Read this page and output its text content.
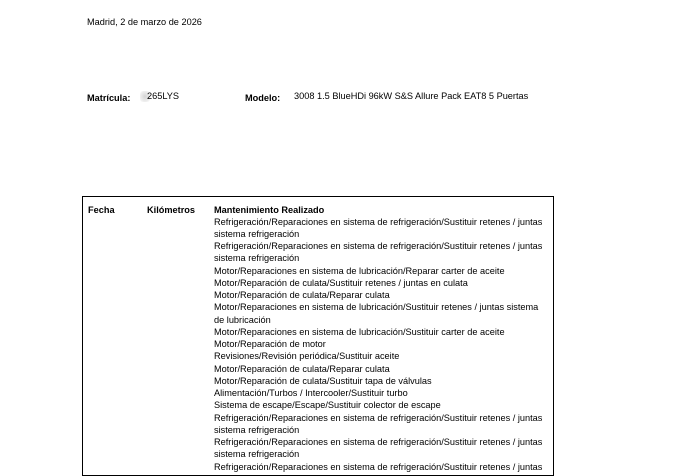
Madrid, 2 de marzo de 2026
Matrícula: 265LYS	Modelo: 3008 1.5 BlueHDi 96kW S&S Allure Pack EAT8 5 Puertas
Fecha	Kilómetros Mantenimiento Realizado
Refrigeración/Reparaciones en sistema de refrigeración/Sustituir retenes / juntas
sistema refrigeración
Refrigeración/Reparaciones en sistema de refrigeración/Sustituir retenes / juntas
sistema refrigeración
Motor/Reparaciones en sistema de lubricación/Reparar carter de aceite
Motor/Reparación de culata/Sustituir retenes / juntas en culata
Motor/Reparación de culata/Reparar culata
Motor/Reparaciones en sistema de lubricación/Sustituir retenes / juntas sistema
de lubricación
Motor/Reparaciones en sistema de lubricación/Sustituir carter de aceite
Motor/Reparación de motor
Revisiones/Revisión periódica/Sustituir aceite
Motor/Reparación de culata/Reparar culata
Motor/Reparación de culata/Sustituir tapa de válvulas
Alimentación/Turbos / Intercooler/Sustituir turbo
Sistema de escape/Escape/Sustituir colector de escape
Refrigeración/Reparaciones en sistema de refrigeración/Sustituir retenes / juntas
sistema refrigeración
Refrigeración/Reparaciones en sistema de refrigeración/Sustituir retenes / juntas
sistema refrigeración
Refrigeración/Reparaciones en sistema de refrigeración/Sustituir retenes / juntas
